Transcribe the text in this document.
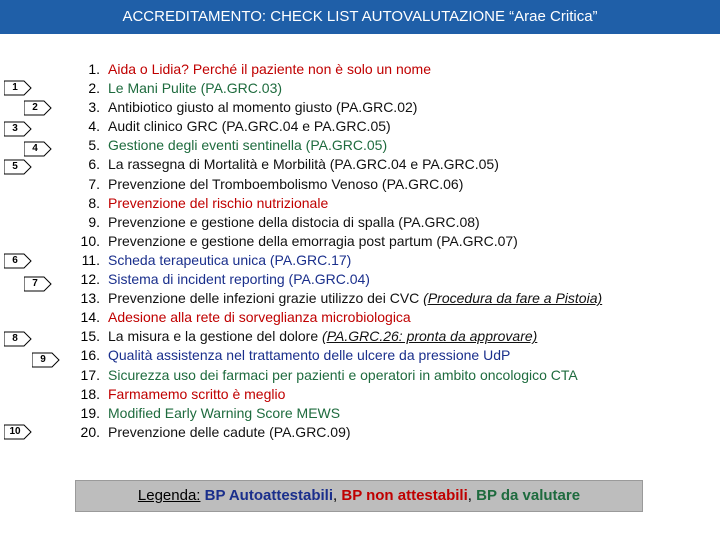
ACCREDITAMENTO: CHECK LIST AUTOVALUTAZIONE “Arae Critica”
1
2
3
4
5
6
7
8
9
10
1. Aida o Lidia? Perché il paziente non è solo un nome
2. Le Mani Pulite (PA.GRC.03)
3. Antibiotico giusto al momento giusto (PA.GRC.02)
4. Audit clinico GRC (PA.GRC.04 e PA.GRC.05)
5. Gestione degli eventi sentinella (PA.GRC.05)
6. La rassegna di Mortalità e Morbilità (PA.GRC.04 e PA.GRC.05)
7. Prevenzione del Tromboembolismo Venoso (PA.GRC.06)
8. Prevenzione del rischio nutrizionale
9. Prevenzione e gestione della distocia di spalla (PA.GRC.08)
10. Prevenzione e gestione della emorragia post partum (PA.GRC.07)
11. Scheda terapeutica unica (PA.GRC.17)
12. Sistema di incident reporting (PA.GRC.04)
13. Prevenzione delle infezioni grazie utilizzo dei CVC (Procedura da fare a Pistoia)
14. Adesione alla rete di sorveglianza microbiologica
15. La misura e la gestione del dolore (PA.GRC.26: pronta da approvare)
16. Qualità assistenza nel trattamento delle ulcere da pressione UdP
17. Sicurezza uso dei farmaci per pazienti e operatori in ambito oncologico CTA
18. Farmamemo scritto è meglio
19. Modified Early Warning Score MEWS
20. Prevenzione delle cadute (PA.GRC.09)
Legenda: BP Autoattestabili, BP non attestabili, BP da valutare
